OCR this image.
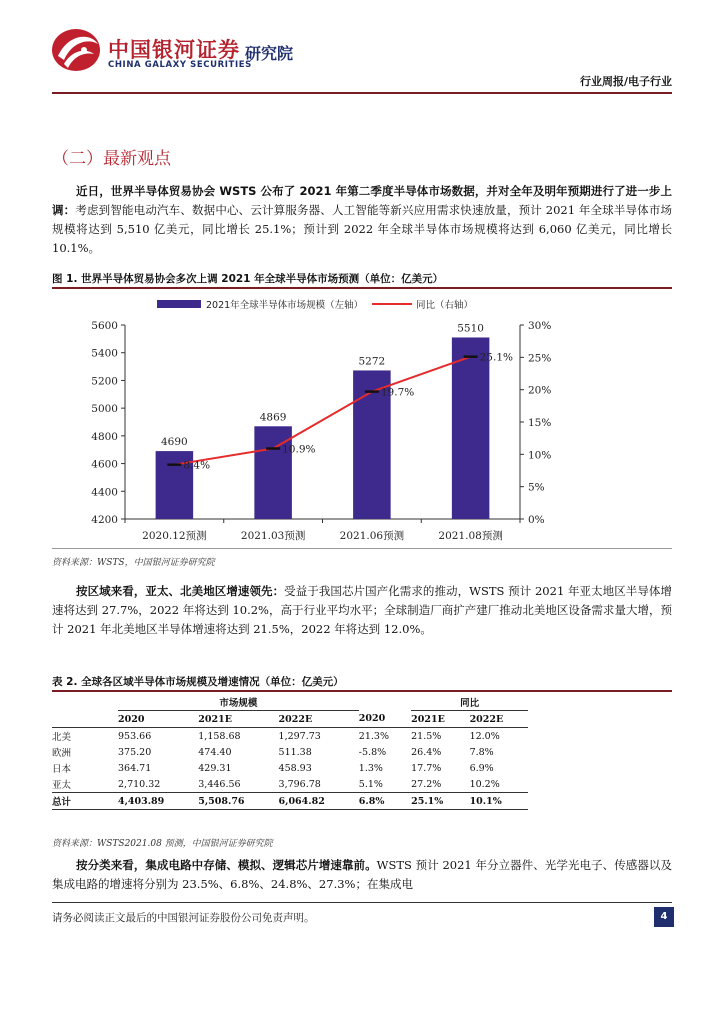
中国银河证券
CHINA GALAXY SECURITIES
研究院
行业周报/电子行业
（二）最新观点
近日，世界半导体贸易协会 WSTS 公布了 2021 年第二季度半导体市场数据，并对全年及明年预期进行了进一步上调：考虑到智能电动汽车、数据中心、云计算服务器、人工智能等新兴应用需求快速放量，预计 2021 年全球半导体市场规模将达到 5,510 亿美元，同比增长 25.1%；预计到 2022 年全球半导体市场规模将达到 6,060 亿美元，同比增长 10.1%。
图 1. 世界半导体贸易协会多次上调 2021 年全球半导体市场预测（单位：亿美元）
2021年全球半导体市场规模（左轴）	同比（右轴）
4200
4400
4600
4800
5000
5200
5400
5600
0%
5%
10%
15%
20%
25%
30%
4690
4869
5272
5510
2020.12预测	2021.03预测	2021.06预测	2021.08预测
8.4%
10.9%
19.7%
25.1%
资料来源：WSTS，中国银河证券研究院
按区域来看，亚太、北美地区增速领先：受益于我国芯片国产化需求的推动，WSTS 预计 2021 年亚太地区半导体增速将达到 27.7%，2022 年将达到 10.2%，高于行业平均水平；全球制造厂商扩产建厂推动北美地区设备需求量大增，预计 2021 年北美地区半导体增速将达到 21.5%，2022 年将达到 12.0%。
表 2. 全球各区域半导体市场规模及增速情况（单位：亿美元）
	市场规模				同比	
	2020	2021E	2022E	2020	2021E	2022E
北美	953.66	1,158.68	1,297.73	21.3%	21.5%	12.0%
欧洲	375.20	474.40	511.38	-5.8%	26.4%	7.8%
日本	364.71	429.31	458.93	1.3%	17.7%	6.9%
亚太	2,710.32	3,446.56	3,796.78	5.1%	27.2%	10.2%
总计	4,403.89	5,508.76	6,064.82	6.8%	25.1%	10.1%
资料来源：WSTS2021.08 预测，中国银河证券研究院
按分类来看，集成电路中存储、模拟、逻辑芯片增速靠前。WSTS 预计 2021 年分立器件、光学光电子、传感器以及集成电路的增速将分别为 23.5%、6.8%、24.8%、27.3%；在集成电
请务必阅读正文最后的中国银河证券股份公司免责声明。	4
